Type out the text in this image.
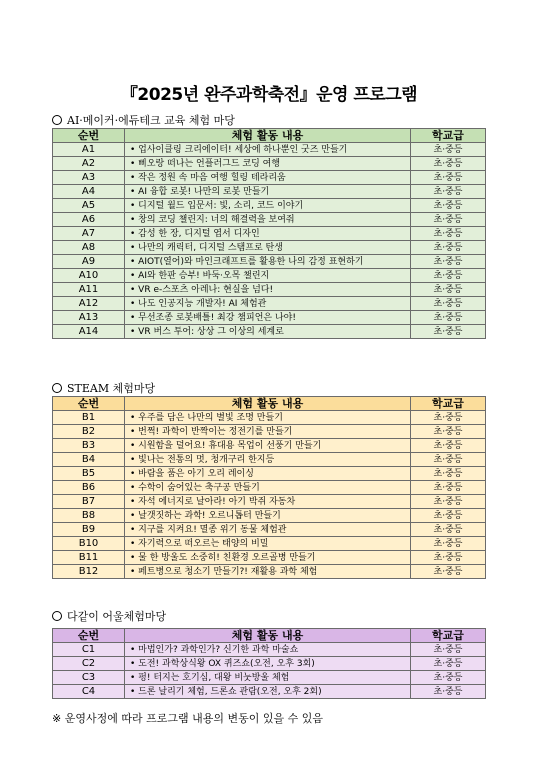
『2025년 완주과학축전』운영 프로그램
AI·메이커·에듀테크 교육 체험 마당
순번	체험 활동 내용	학교급
A1	• 업사이클링 크리에이터! 세상에 하나뿐인 굿즈 만들기	초·중등
A2	• 삐오랑 떠나는 언플러그드 코딩 여행	초·중등
A3	• 작은 정원 속 마음 여행 힐링 테라리움	초·중등
A4	• AI 융합 로봇! 나만의 로봇 만들기	초·중등
A5	• 디지털 월드 입문서: 빛, 소리, 코드 이야기	초·중등
A6	• 창의 코딩 챌린지: 너의 해결력을 보여줘	초·중등
A7	• 감성 한 장, 디지털 엽서 디자인	초·중등
A8	• 나만의 캐릭터, 디지털 스탬프로 탄생	초·중등
A9	• AIOT(열어)와 마인크래프트를 활용한 나의 감정 표현하기	초·중등
A10	• AI와 한판 승부! 바둑·오목 챌린지	초·중등
A11	• VR e-스포츠 아레나: 현실을 넘다!	초·중등
A12	• 나도 인공지능 개발자! AI 체험관	초·중등
A13	• 무선조종 로봇배틀! 최강 챔피언은 나야!	초·중등
A14	• VR 버스 투어: 상상 그 이상의 세계로	초·중등
STEAM 체험마당
순번	체험 활동 내용	학교급
B1	• 우주를 담은 나만의 별빛 조명 만들기	초·중등
B2	• 번쩍! 과학이 반짝이는 정전기를 만들기	초·중등
B3	• 시원함을 덜어요! 휴대용 목업이 선풍기 만들기	초·중등
B4	• 빛나는 전통의 멋, 청개구리 한지등	초·중등
B5	• 바람을 품은 아기 오리 레이싱	초·중등
B6	• 수학이 숨어있는 축구공 만들기	초·중등
B7	• 자석 에너지로 날아라! 아기 박쥐 자동차	초·중등
B8	• 날갯짓하는 과학! 오르니톱터 만들기	초·중등
B9	• 지구를 지켜요! 멸종 위기 동물 체험관	초·중등
B10	• 자기력으로 떠오르는 태양의 비밀	초·중등
B11	• 물 한 방울도 소중히! 친환경 오르골병 만들기	초·중등
B12	• 페트병으로 청소기 만들기?! 재활용 과학 체험	초·중등
다같이 어울체험마당
순번	체험 활동 내용	학교급
C1	• 마법인가? 과학인가? 신기한 과학 마술쇼	초·중등
C2	• 도전! 과학상식왕 OX 퀴즈쇼(오전, 오후 3회)	초·중등
C3	• 펑! 터지는 호기심, 대왕 비눗방울 체험	초·중등
C4	• 드론 날리기 체험, 드론쇼 관람(오전, 오후 2회)	초·중등
※ 운영사정에 따라 프로그램 내용의 변동이 있을 수 있음
